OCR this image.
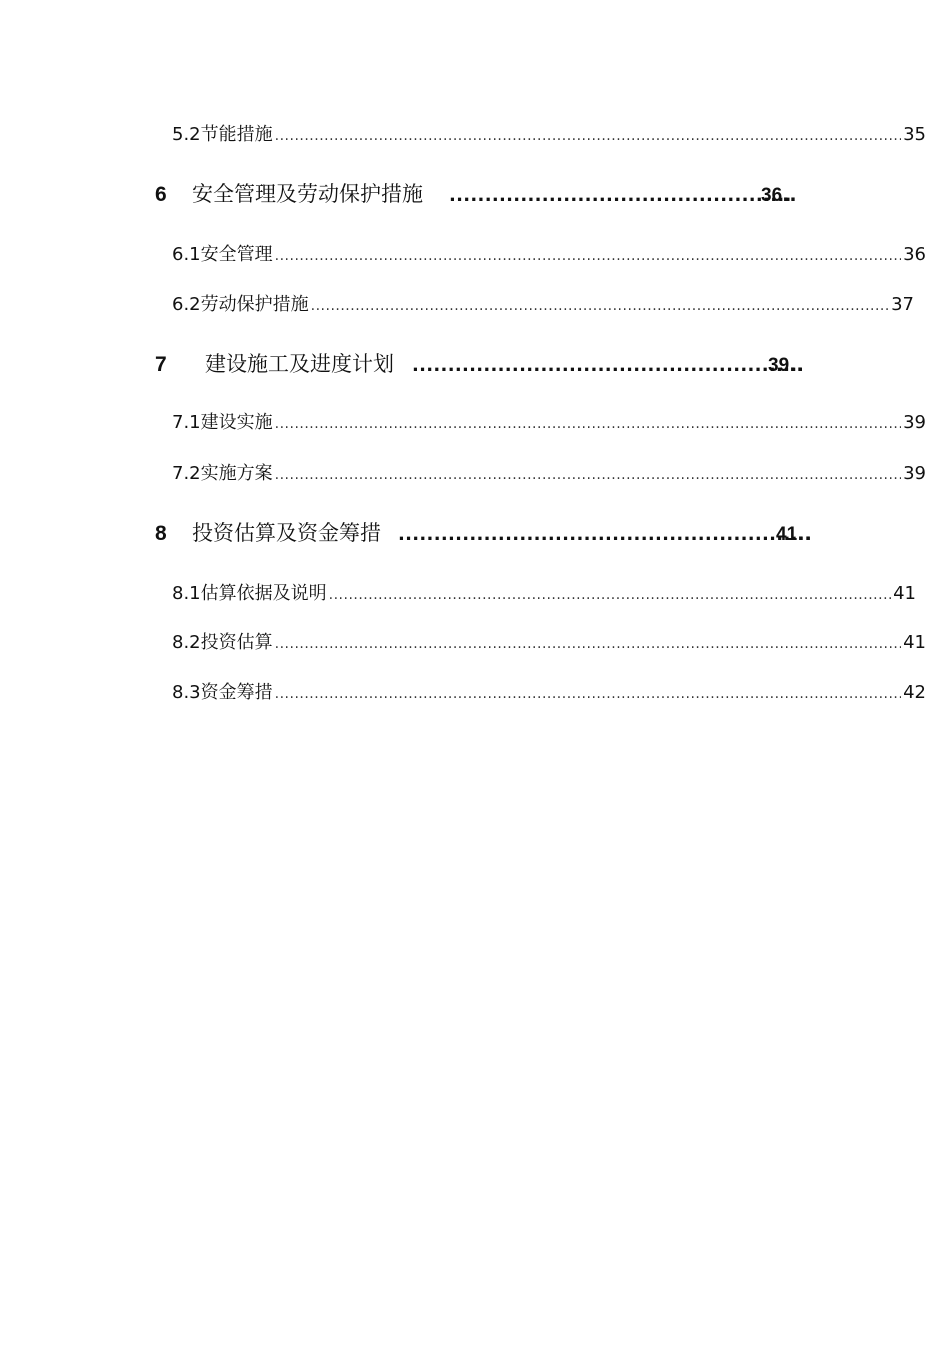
5.2 节能措施 .....	35
6	安全管理及劳动保护措施 .....	36 ..
6.1 安全管理 .....	36
6.2 劳动保护措施 .....	37
7	建设施工及进度计划 .....	39 ..
7.1 建设实施 .....	39
7.2 实施方案 .....	39
8	投资估算及资金筹措 .....	41 ..
8.1 估算依据及说明 .....	41
8.2 投资估算 .....	41
8.3 资金筹措 .....	42
